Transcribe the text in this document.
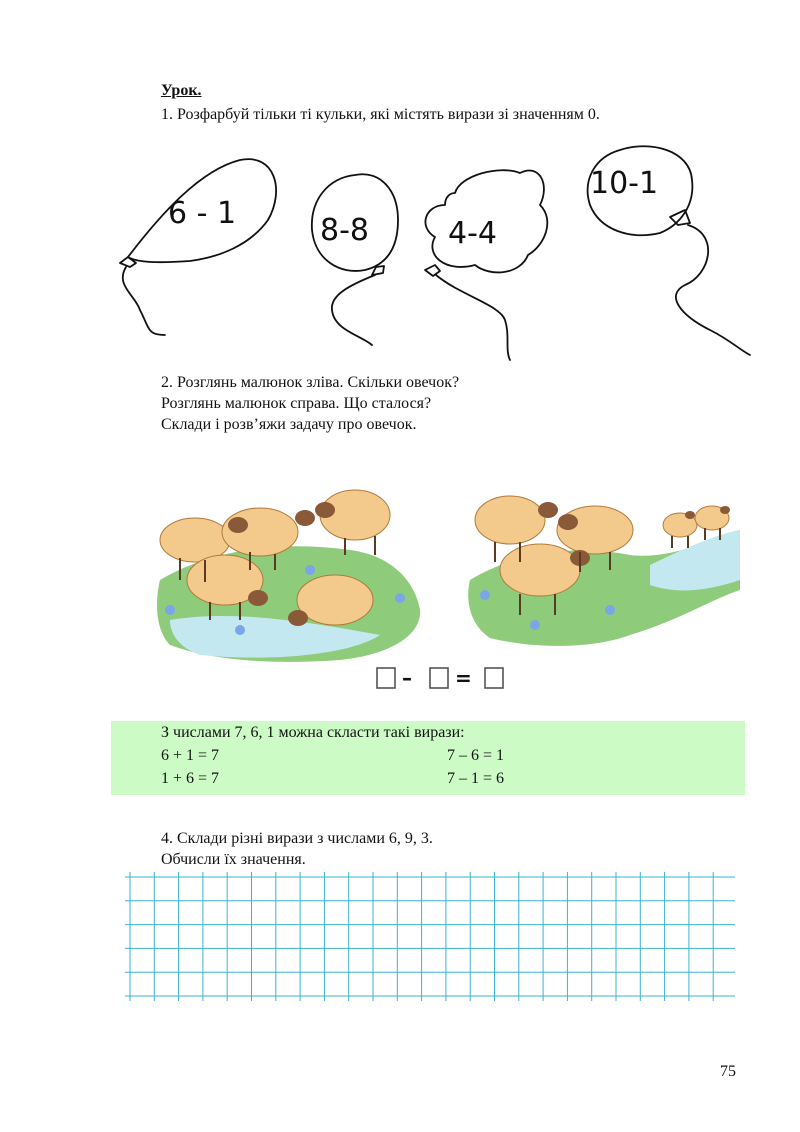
Урок.
1. Розфарбуй тільки ті кульки, які містять вирази зі значенням 0.
6 - 1	8-8	4-4
10-1
2. Розглянь малюнок зліва. Скільки овечок?
Розглянь малюнок справа. Що сталося?
Склади і розв’яжи задачу про овечок.
– =
З числами 7, 6, 1 можна скласти такі вирази:
6 + 1 = 7	7 – 6 = 1
1 + 6 = 7	7 – 1 = 6
4. Склади різні вирази з числами 6, 9, 3.
Обчисли їх значення.
75
